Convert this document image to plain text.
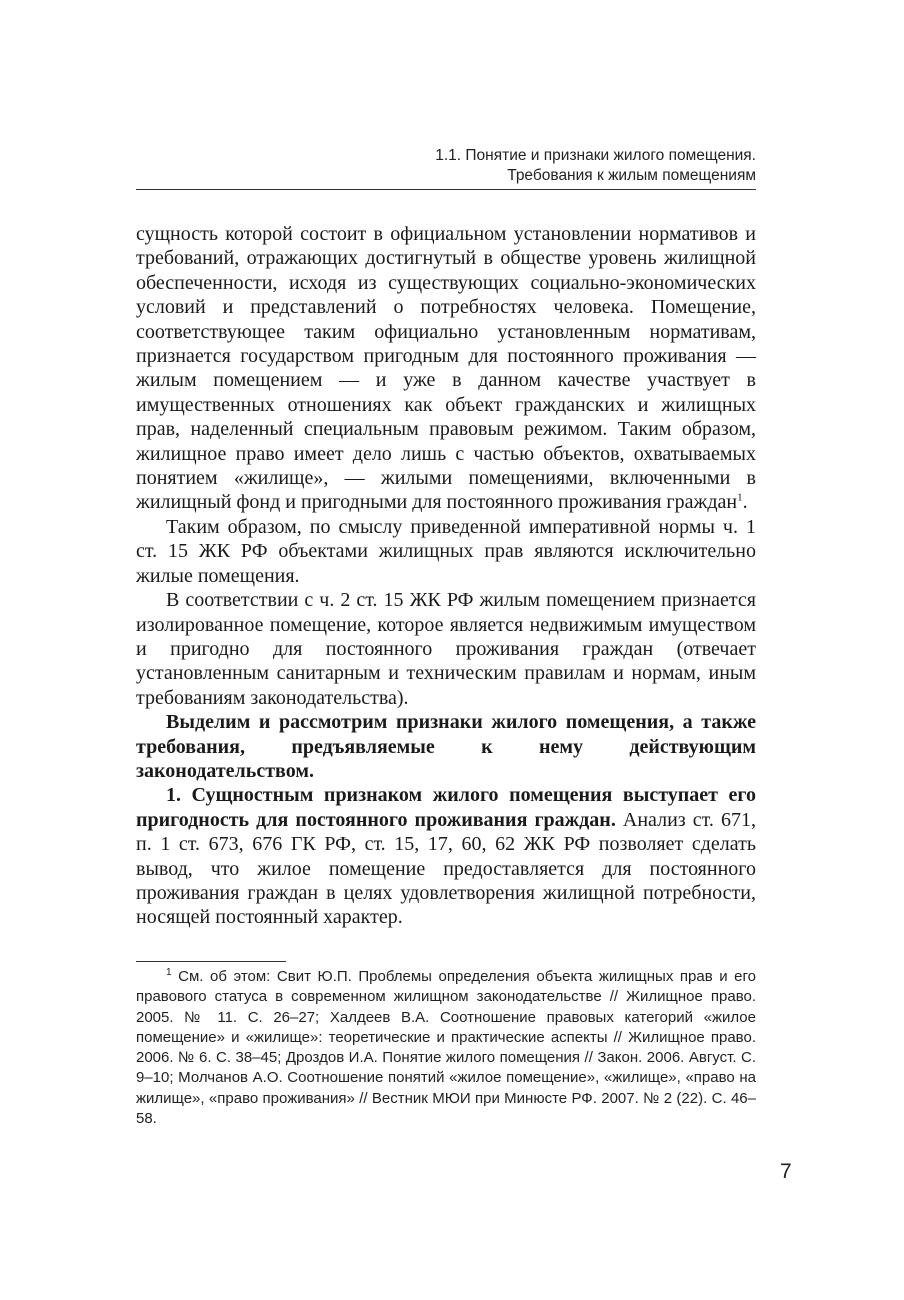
1.1. Понятие и признаки жилого помещения.
Требования к жилым помещениям

сущность которой состоит в официальном установлении нормативов и требований, отражающих достигнутый в обществе уровень жилищной обеспеченности, исходя из существующих социально-экономических условий и представлений о потребностях человека. Помещение, соответствующее таким официально установленным нормативам, признается государством пригодным для постоянного проживания — жилым помещением — и уже в данном качестве участвует в имущественных отношениях как объект гражданских и жилищных прав, наделенный специальным правовым режимом. Таким образом, жилищное право имеет дело лишь с частью объектов, охватываемых понятием «жилище», — жилыми помещениями, включенными в жилищный фонд и пригодными для постоянного проживания граждан$^1$.

Таким образом, по смыслу приведенной императивной нормы ч. 1 ст. 15 ЖК РФ объектами жилищных прав являются исключительно жилые помещения.

В соответствии с ч. 2 ст. 15 ЖК РФ жилым помещением признается изолированное помещение, которое является недвижимым имуществом и пригодно для постоянного проживания граждан (отвечает установленным санитарным и техническим правилам и нормам, иным требованиям законодательства).

Выделим и рассмотрим признаки жилого помещения, а также требования, предъявляемые к нему действующим законодательством.

1. Сущностным признаком жилого помещения выступает его пригодность для постоянного проживания граждан. Анализ ст. 671, п. 1 ст. 673, 676 ГК РФ, ст. 15, 17, 60, 62 ЖК РФ позволяет сделать вывод, что жилое помещение предоставляется для постоянного проживания граждан в целях удовлетворения жилищной потребности, носящей постоянный характер.

$^1$ См. об этом: Свит Ю.П. Проблемы определения объекта жилищных прав и его правового статуса в современном жилищном законодательстве // Жилищное право. 2005. № 11. С. 26–27; Халдеев В.А. Соотношение правовых категорий «жилое помещение» и «жилище»: теоретические и практические аспекты // Жилищное право. 2006. № 6. С. 38–45; Дроздов И.А. Понятие жилого помещения // Закон. 2006. Август. С. 9–10; Молчанов А.О. Соотношение понятий «жилое помещение», «жилище», «право на жилище», «право проживания» // Вестник МЮИ при Минюсте РФ. 2007. № 2 (22). С. 46–58.

7
